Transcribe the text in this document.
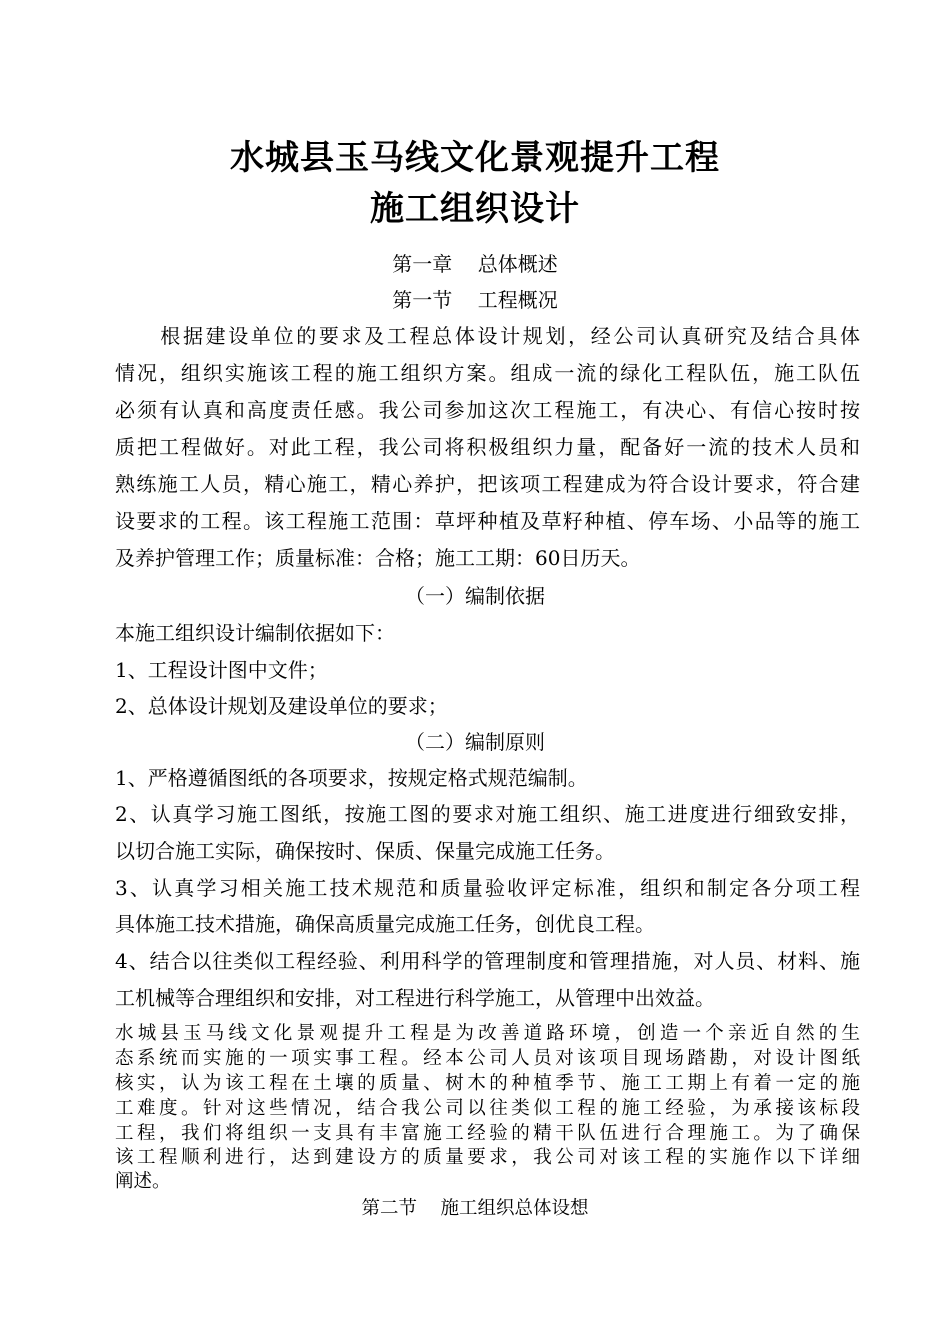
水城县玉马线文化景观提升工程
施工组织设计
第一章    总体概述
第一节    工程概况
　　根据建设单位的要求及工程总体设计规划，经公司认真研究及结合具体
情况，组织实施该工程的施工组织方案。组成一流的绿化工程队伍，施工队伍
必须有认真和高度责任感。我公司参加这次工程施工，有决心、有信心按时按
质把工程做好。对此工程，我公司将积极组织力量，配备好一流的技术人员和
熟练施工人员，精心施工，精心养护，把该项工程建成为符合设计要求，符合建
设要求的工程。该工程施工范围：草坪种植及草籽种植、停车场、小品等的施工
及养护管理工作；质量标准：合格；施工工期：60日历天。
（一）编制依据
本施工组织设计编制依据如下：
1、工程设计图中文件；
2、总体设计规划及建设单位的要求；
（二）编制原则
1、严格遵循图纸的各项要求，按规定格式规范编制。
2、认真学习施工图纸，按施工图的要求对施工组织、施工进度进行细致安排，
以切合施工实际，确保按时、保质、保量完成施工任务。
3、认真学习相关施工技术规范和质量验收评定标准，组织和制定各分项工程
具体施工技术措施，确保高质量完成施工任务，创优良工程。
4、结合以往类似工程经验、利用科学的管理制度和管理措施，对人员、材料、施
工机械等合理组织和安排，对工程进行科学施工，从管理中出效益。
水城县玉马线文化景观提升工程是为改善道路环境，创造一个亲近自然的生
态系统而实施的一项实事工程。经本公司人员对该项目现场踏勘，对设计图纸
核实，认为该工程在土壤的质量、树木的种植季节、施工工期上有着一定的施
工难度。针对这些情况，结合我公司以往类似工程的施工经验，为承接该标段
工程，我们将组织一支具有丰富施工经验的精干队伍进行合理施工。为了确保
该工程顺利进行，达到建设方的质量要求，我公司对该工程的实施作以下详细
阐述。
第二节    施工组织总体设想
